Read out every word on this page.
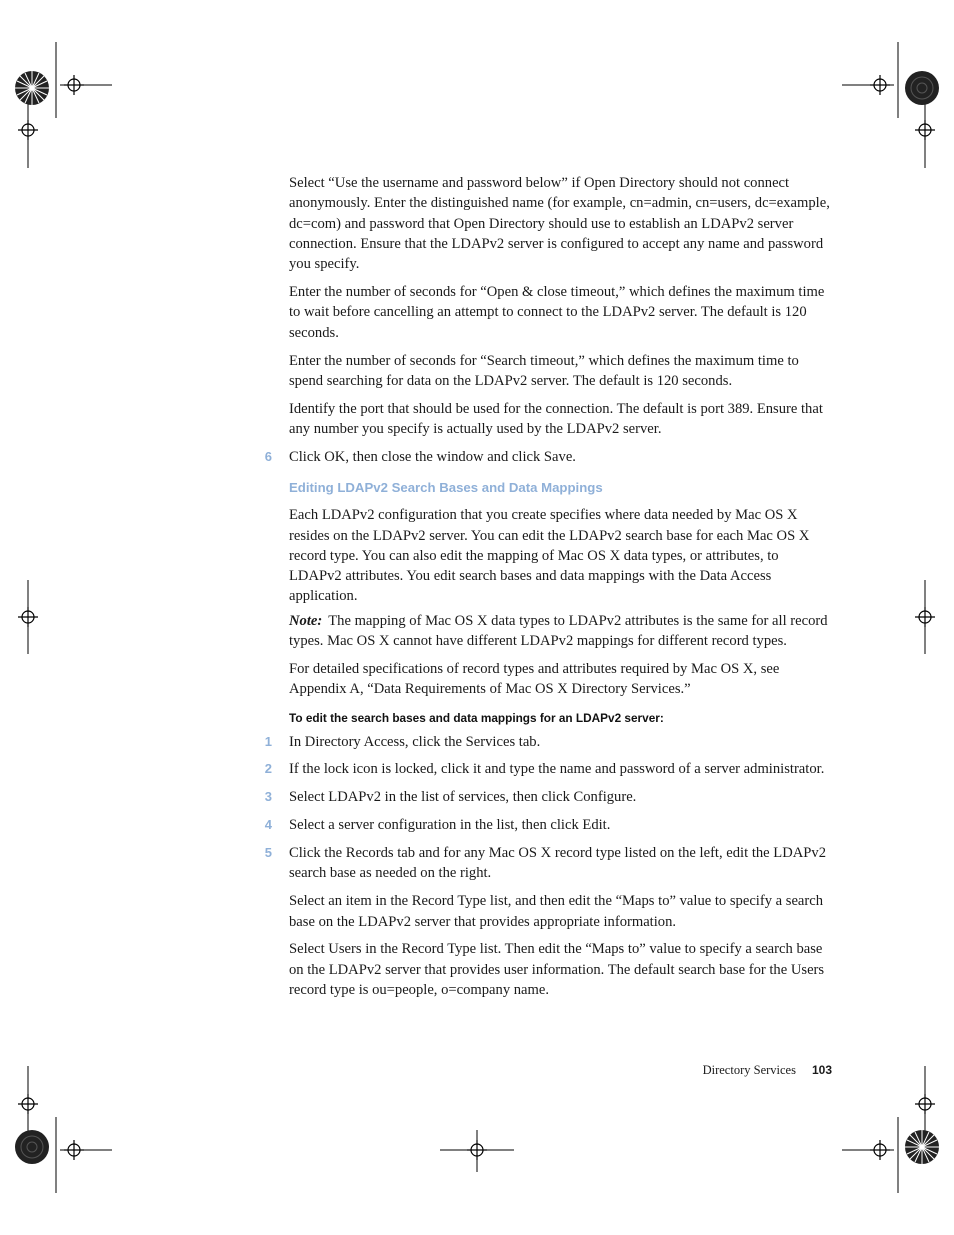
Select “Use the username and password below” if Open Directory should not connect anonymously. Enter the distinguished name (for example, cn=admin, cn=users, dc=example, dc=com) and password that Open Directory should use to establish an LDAPv2 server connection. Ensure that the LDAPv2 server is configured to accept any name and password you specify.

Enter the number of seconds for “Open & close timeout,” which defines the maximum time to wait before cancelling an attempt to connect to the LDAPv2 server. The default is 120 seconds.

Enter the number of seconds for “Search timeout,” which defines the maximum time to spend searching for data on the LDAPv2 server. The default is 120 seconds.

Identify the port that should be used for the connection. The default is port 389. Ensure that any number you specify is actually used by the LDAPv2 server.

6 Click OK, then close the window and click Save.
Editing LDAPv2 Search Bases and Data Mappings

Each LDAPv2 configuration that you create specifies where data needed by Mac OS X resides on the LDAPv2 server. You can edit the LDAPv2 search base for each Mac OS X record type. You can also edit the mapping of Mac OS X data types, or attributes, to LDAPv2 attributes. You edit search bases and data mappings with the Data Access application.

Note: The mapping of Mac OS X data types to LDAPv2 attributes is the same for all record types. Mac OS X cannot have different LDAPv2 mappings for different record types.

For detailed specifications of record types and attributes required by Mac OS X, see Appendix A, “Data Requirements of Mac OS X Directory Services.”

To edit the search bases and data mappings for an LDAPv2 server:
1 In Directory Access, click the Services tab.
2 If the lock icon is locked, click it and type the name and password of a server administrator.
3 Select LDAPv2 in the list of services, then click Configure.
4 Select a server configuration in the list, then click Edit.
5 Click the Records tab and for any Mac OS X record type listed on the left, edit the LDAPv2 search base as needed on the right.

Select an item in the Record Type list, and then edit the “Maps to” value to specify a search base on the LDAPv2 server that provides appropriate information.

Select Users in the Record Type list. Then edit the “Maps to” value to specify a search base on the LDAPv2 server that provides user information. The default search base for the Users record type is ou=people, o=company name.

Directory Services 103
